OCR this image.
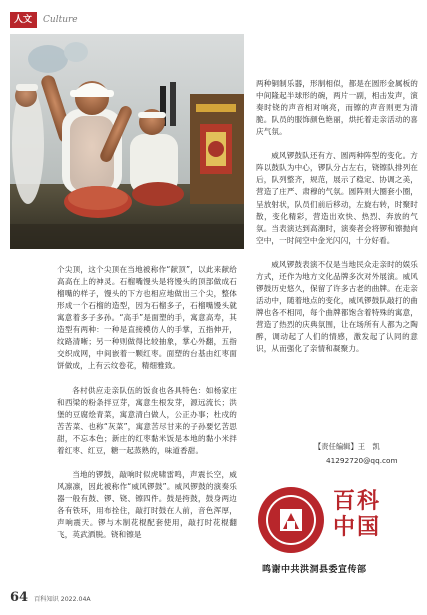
人文	Culture

个尖顶，这个尖顶在当地被称作“献顶”，以此来献给高高在上的神灵。石榴嘴馒头是将馒头的顶部做成石榴嘴的样子，馒头的下方也相应地做出三个尖，整体形成一个石榴的造型，因为石榴多子，石榴嘴馒头就寓意着多子多孙。“高手”是面塑的手，寓意高寿，其造型有两种：一种是直接模仿人的手掌，五指伸开，纹路清晰；另一种则做得比较抽象，掌心外翻，五指交织成网，中间嵌着一颗红枣。面塑的台基由红枣面饼做成，上有云纹卷花，精细雅致。

各村供应走亲队伍的饭食也各具特色：如杨家庄和西梁的粉条拌豆芽，寓意生根发芽，源远流长；洪堡的豆腐烩青菜，寓意清白做人，公正办事；杜戍的苦苦菜、也称“灰菜”，寓意苦尽甘来的子孙要忆苦思甜，不忘本色；新庄的红枣黏米饭是本地的黏小米拌着红枣、红豆，糖一起蒸熟的，味道香甜。

当地的锣鼓，敲响时似虎啸雷鸣，声震长空，威风凛凛，因此被称作“威风锣鼓”。威风锣鼓的演奏乐器一般有鼓、锣、铙、镲四件。鼓是挎鼓，鼓身两边各有铁环，用布拴住，敲打时鼓在人前，音色浑厚，声响震天。锣与木制花棍配套使用，敲打时花棍翻飞，英武洒脱。铙和镲是

两种铜制乐器，形制相似，都是在圆形金属板的中间隆起半球形的碗，两片一副，相击发声，演奏时铙的声音相对响亮，而镲的声音则更为清脆。队员的服饰颜色艳丽，烘托着走亲活动的喜庆气氛。

威风锣鼓队还有方、圆两种阵型的变化。方阵以鼓队为中心，锣队分占左右，铙镲队排列在后，队列整齐，规范，展示了稳定、协调之美，营造了庄严、肃穆的气氛。圆阵则大圈套小圈，呈放射状，队员们前后移动，左旋右转，时聚时散，变化精彩，营造出欢快、热烈、奔放的气氛。当表演达到高潮时，演奏者会将锣和镲抛向空中，一时间空中金光闪闪，十分好看。

威风锣鼓表演不仅是当地民众走亲时的娱乐方式，还作为地方文化品牌多次对外展演。威风锣鼓历史悠久，保留了许多古老的曲牌。在走亲活动中，随着地点的变化，威风锣鼓队敲打的曲牌也各不相同，每个曲牌都饱含着特殊的寓意，营造了热烈的庆典氛围，让在场所有人都为之陶醉，调动起了人们的情感，激发起了认同的意识，从而强化了亲情和凝聚力。

【责任编辑】王　凯
41292720@qq.com
百科
中国
鸣谢中共洪洞县委宣传部
64 百科知识 2022.04A
